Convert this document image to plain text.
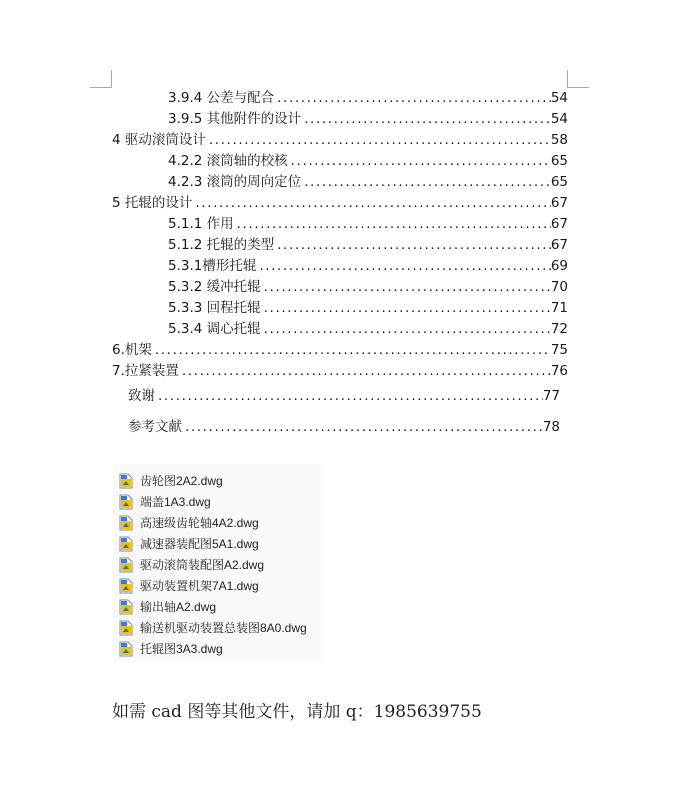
3.9.4 公差与配合 .....	54
3.9.5 其他附件的设计 .....	54
4 驱动滚筒设计 .....	58
4.2.2 滚筒轴的校核 .....	65
4.2.3 滚筒的周向定位 .....	65
5 托辊的设计 .....	67
5.1.1 作用 .....	67
5.1.2 托辊的类型 .....	67
5.3.1槽形托辊 .....	69
5.3.2 缓冲托辊 .....	70
5.3.3 回程托辊 .....	71
5.3.4 调心托辊 .....	72
6.机架 .....	75
7.拉紧装置 .....	76
致谢 .....	77
参考文献 .....	78
齿轮图2A2.dwg
端盖1A3.dwg
高速级齿轮轴4A2.dwg
减速器装配图5A1.dwg
驱动滚筒装配图A2.dwg
驱动装置机架7A1.dwg
输出轴A2.dwg
输送机驱动装置总装图8A0.dwg
托辊图3A3.dwg
如需 cad 图等其他文件，请加 q：1985639755
